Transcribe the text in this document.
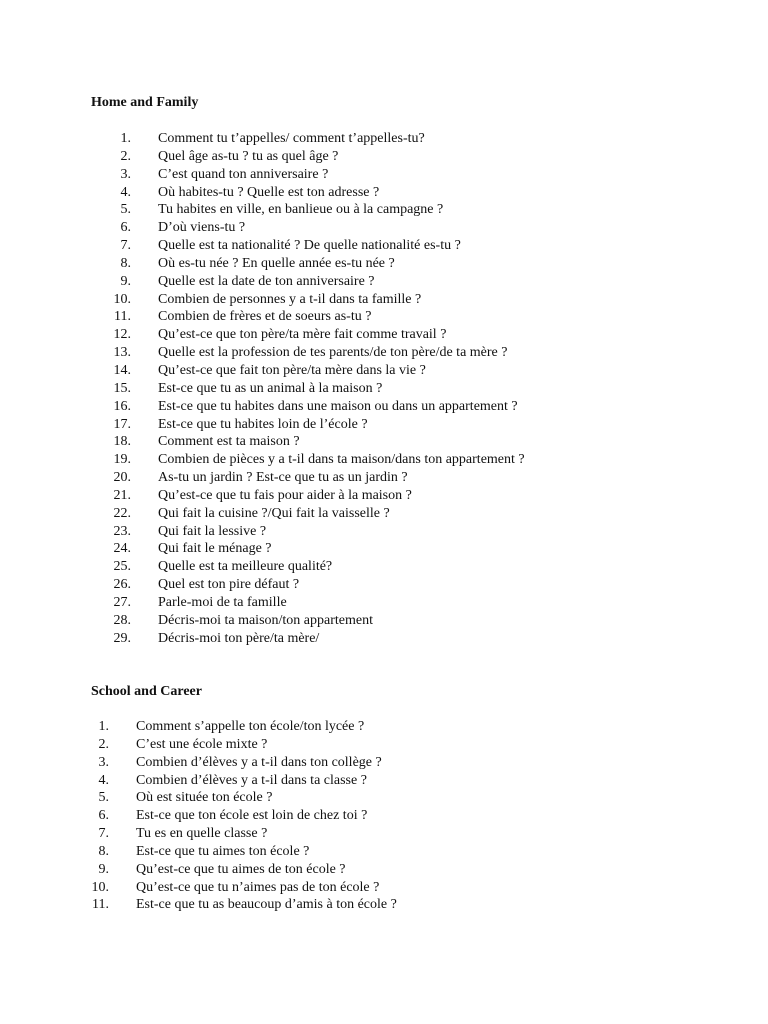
Home and Family
1. Comment tu t’appelles/ comment t’appelles-tu?
2. Quel âge as-tu ? tu as quel âge ?
3. C’est quand ton anniversaire ?
4. Où habites-tu ? Quelle est ton adresse ?
5. Tu habites en ville, en banlieue ou à la campagne ?
6. D’où viens-tu ?
7. Quelle est ta nationalité ? De quelle nationalité es-tu ?
8. Où es-tu née ? En quelle année es-tu née ?
9. Quelle est la date de ton anniversaire ?
10. Combien de personnes y a t-il dans ta famille ?
11. Combien de frères et de soeurs as-tu ?
12. Qu’est-ce que ton père/ta mère fait comme travail ?
13. Quelle est la profession de tes parents/de ton père/de ta mère ?
14. Qu’est-ce que fait ton père/ta mère dans la vie ?
15. Est-ce que tu as un animal à la maison ?
16. Est-ce que tu habites dans une maison ou dans un appartement ?
17. Est-ce que tu habites loin de l’école ?
18. Comment est ta maison ?
19. Combien de pièces y a t-il dans ta maison/dans ton appartement ?
20. As-tu un jardin ? Est-ce que tu as un jardin ?
21. Qu’est-ce que tu fais pour aider à la maison ?
22. Qui fait la cuisine ?/Qui fait la vaisselle ?
23. Qui fait la lessive ?
24. Qui fait le ménage ?
25. Quelle est ta meilleure qualité?
26. Quel est ton pire défaut ?
27. Parle-moi de ta famille
28. Décris-moi ta maison/ton appartement
29. Décris-moi ton père/ta mère/
School and Career
1. Comment s’appelle ton école/ton lycée ?
2. C’est une école mixte ?
3. Combien d’élèves y a t-il dans ton collège ?
4. Combien d’élèves y a t-il dans ta classe ?
5. Où est située ton école ?
6. Est-ce que ton école est loin de chez toi ?
7. Tu es en quelle classe ?
8. Est-ce que tu aimes ton école ?
9. Qu’est-ce que tu aimes de ton école ?
10. Qu’est-ce que tu n’aimes pas de ton école ?
11. Est-ce que tu as beaucoup d’amis à ton école ?
